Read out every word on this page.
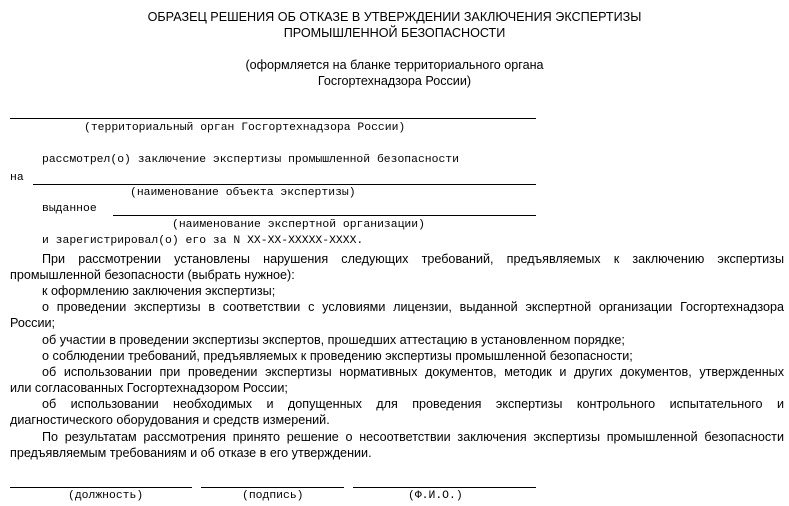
ОБРАЗЕЦ РЕШЕНИЯ ОБ ОТКАЗЕ В УТВЕРЖДЕНИИ ЗАКЛЮЧЕНИЯ ЭКСПЕРТИЗЫ
ПРОМЫШЛЕННОЙ БЕЗОПАСНОСТИ
(оформляется на бланке территориального органа
Госгортехнадзора России)
(территориальный орган Госгортехнадзора России)
рассмотрел(о) заключение экспертизы промышленной безопасности
на
(наименование объекта экспертизы)
выданное
(наименование экспертной организации)
и зарегистрировал(о) его за N XX-XX-XXXXX-XXXX.
При рассмотрении установлены нарушения следующих требований, предъявляемых к заключению экспертизы
промышленной безопасности (выбрать нужное):
к оформлению заключения экспертизы;
о проведении экспертизы в соответствии с условиями лицензии, выданной экспертной организации Госгортехнадзора
России;
об участии в проведении экспертизы экспертов, прошедших аттестацию в установленном порядке;
о соблюдении требований, предъявляемых к проведению экспертизы промышленной безопасности;
об использовании при проведении экспертизы нормативных документов, методик и других документов, утвержденных
или согласованных Госгортехнадзором России;
об использовании необходимых и допущенных для проведения экспертизы контрольного испытательного и
диагностического оборудования и средств измерений.
По результатам рассмотрения принято решение о несоответствии заключения экспертизы промышленной безопасности
предъявляемым требованиям и об отказе в его утверждении.
(должность)	(подпись)	(Ф.И.О.)
